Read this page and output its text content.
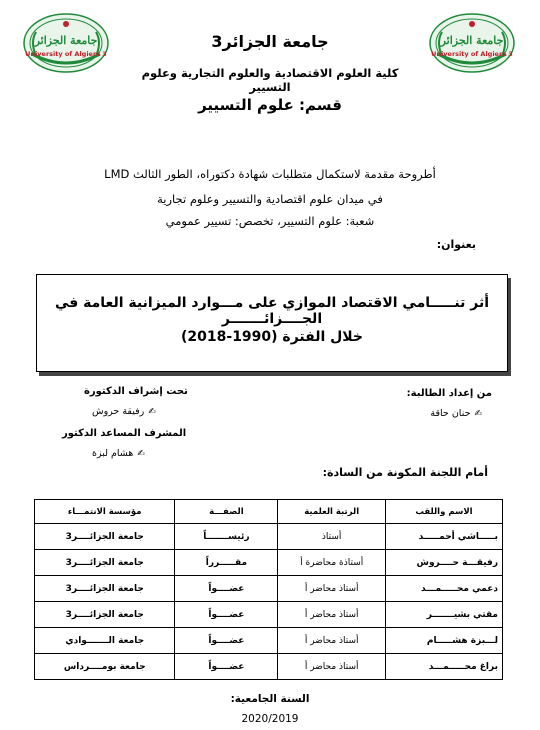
جامعة الجزائر
University of Algiers 3
جامعة الجزائر
University of Algiers 3
جامعة الجزائر3
كلية العلوم الاقتصادية والعلوم التجارية وعلوم التسيير
قسم: علوم التسيير
أطروحة مقدمة لاستكمال متطلبات شهادة دكتوراه، الطور الثالث LMD
في ميدان علوم اقتصادية والتسيير وعلوم تجارية
شعبة: علوم التسيير، تخصص: تسيير عمومي
بعنوان:
أثر تنـــــامي الاقتصاد الموازي على مـــوارد الميزانية العامة في الجــــزائـــــــر
خلال الفترة (1990-2018)
من إعداد الطالبة:
✍حنان حاقة
تحت إشراف الدكتورة
✍رفيقة حروش
المشرف المساعد الدكتور
✍هشام لبزة
أمام اللجنة المكونة من السادة:
الاسم واللقب	الرتبة العلمية	الصفـــة	مؤسسة الانتمـــاء
بـــــاشي أحمـــــد	أستاذ	رئيســـــــاً	جامعة الجزائــــر3
رفيقـــة حــــروش	أستاذة محاضرة أ	مقـــــرراً	جامعة الجزائــــر3
دعمي محـــــمـــد	أستاذ محاضر أ	عضــــواً	جامعة الجزائــــر3
مقتي بشيـــــــر	أستاذ محاضر أ	عضــــواً	جامعة الجزائــــر3
لـــبزة هشـــــام	أستاذ محاضر أ	عضــــواً	جامعة الـــــــوادي
براغ محـــــمـــد	أستاذ محاضر أ	عضــــواً	جامعة بومــــرداس
السنة الجامعية:
2020/2019
